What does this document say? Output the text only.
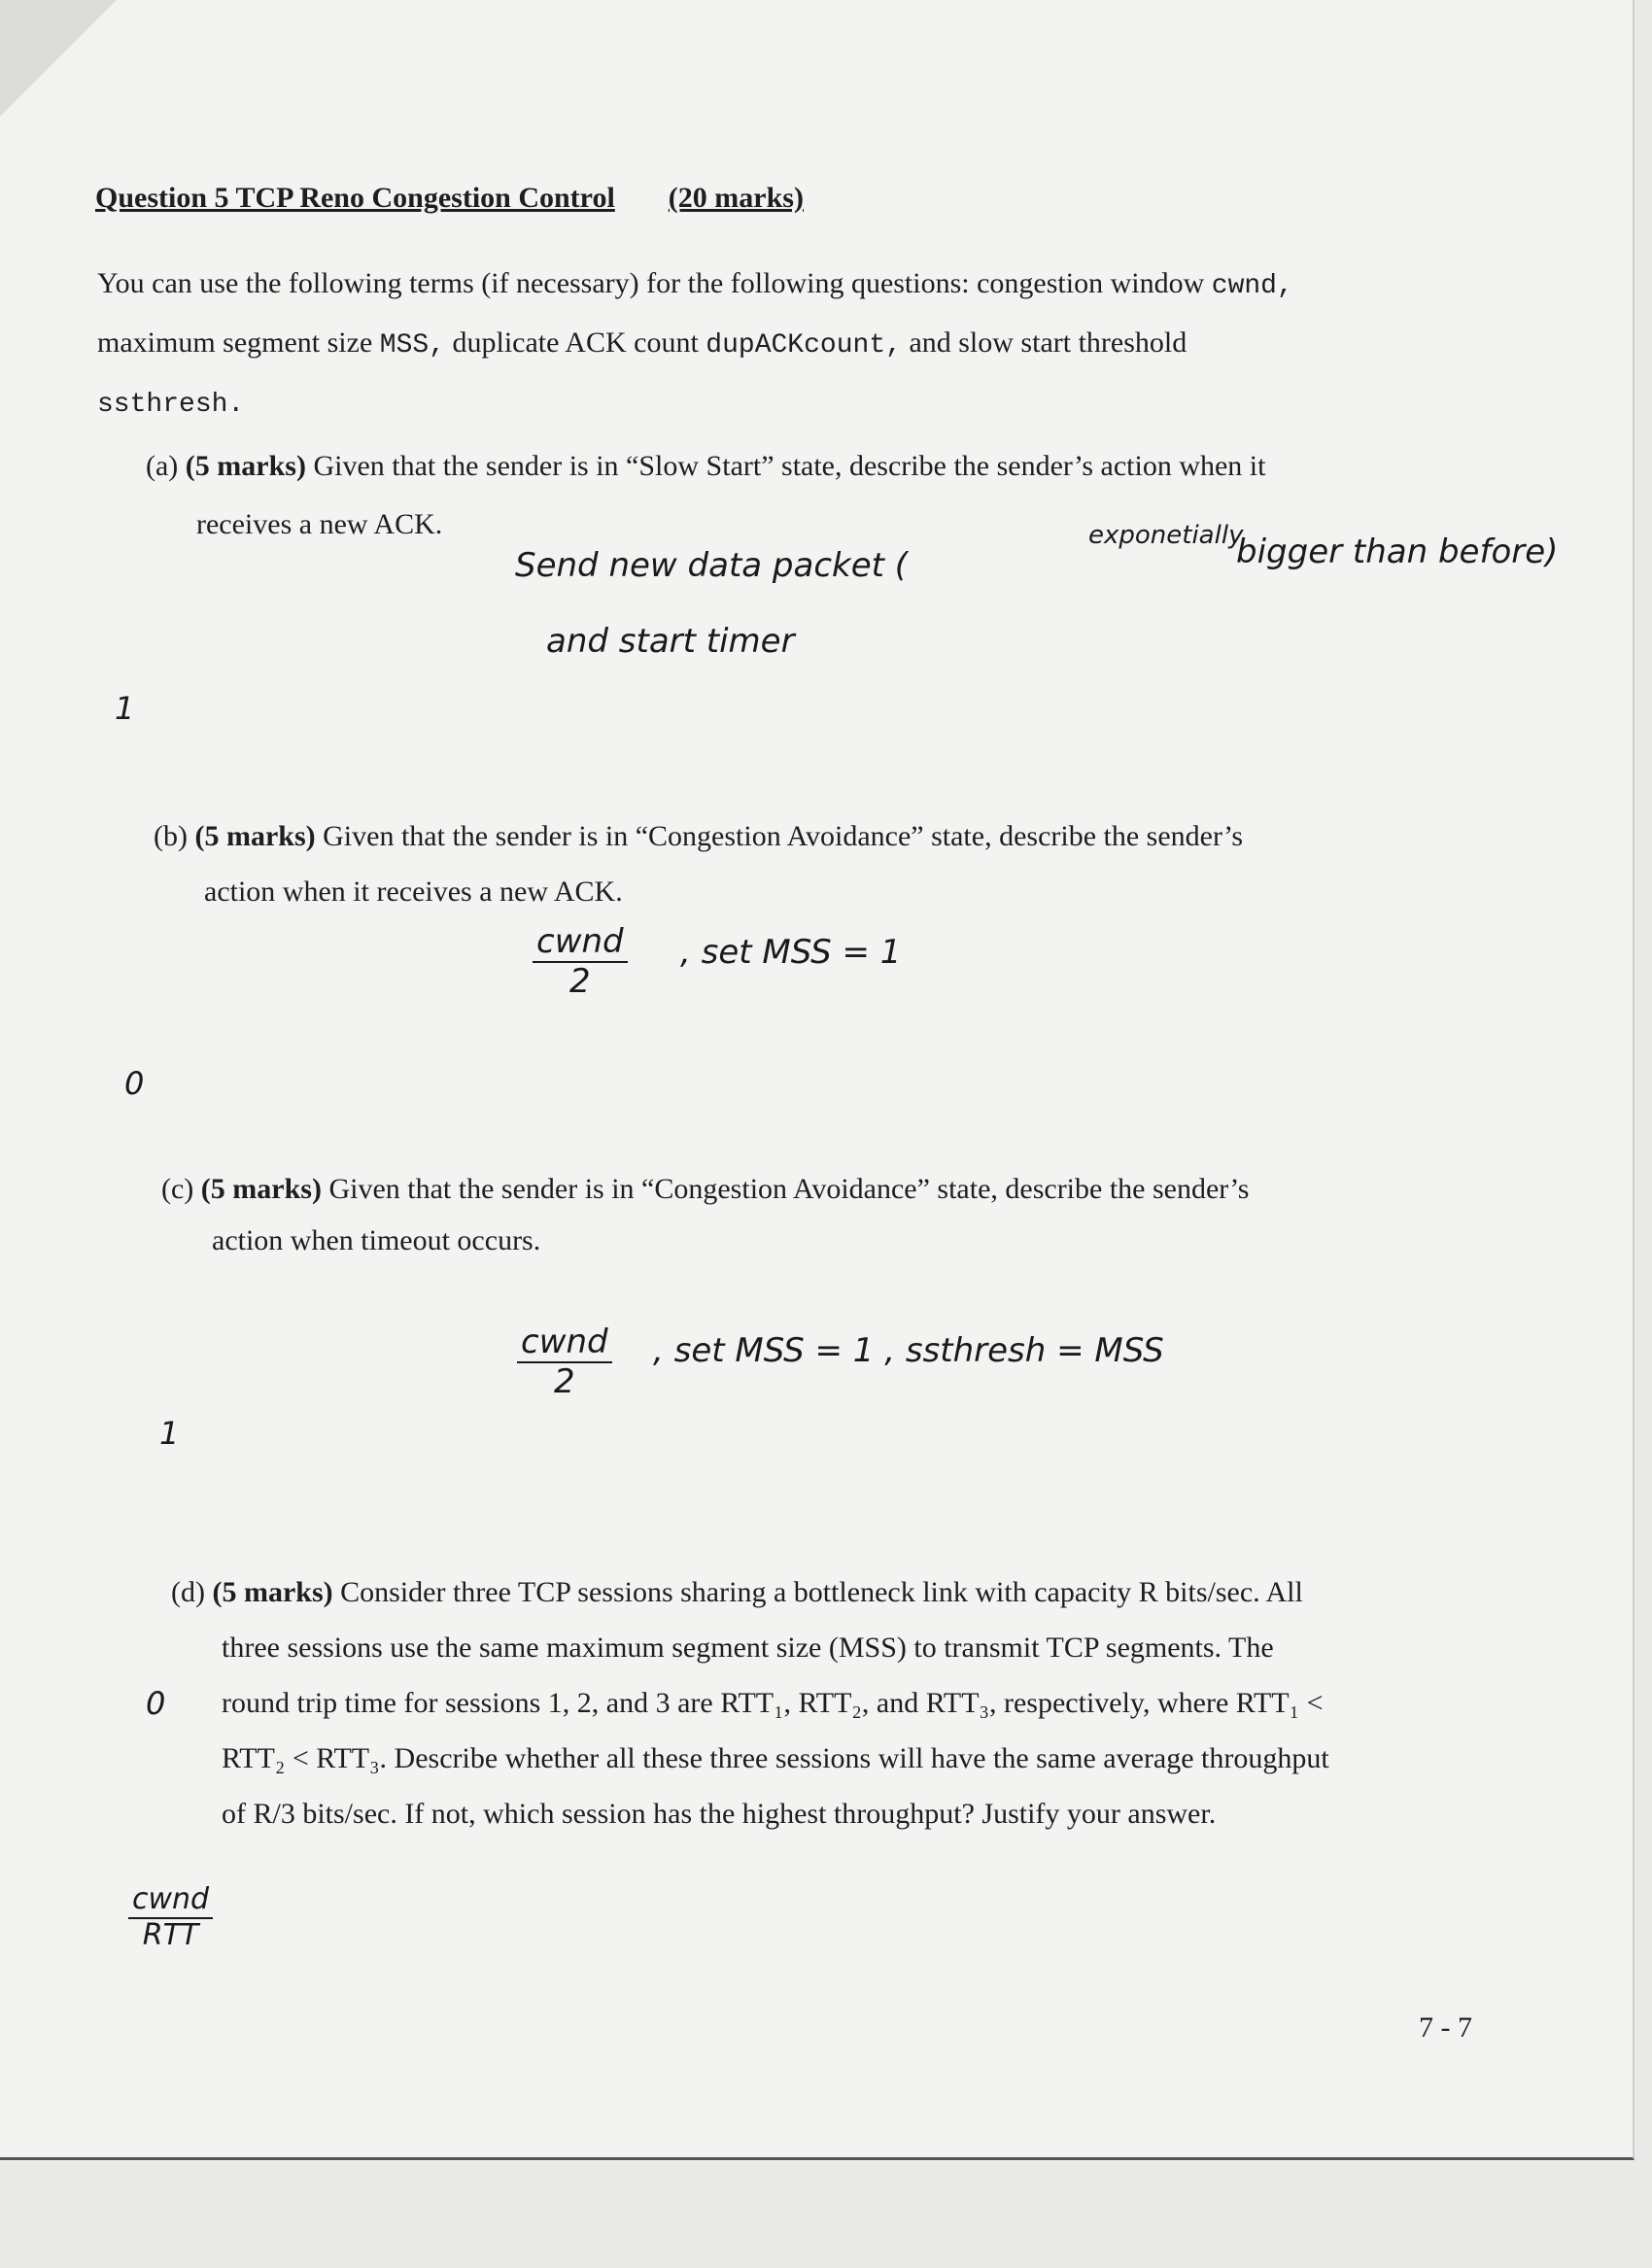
Question 5 TCP Reno Congestion Control (20 marks)
You can use the following terms (if necessary) for the following questions: congestion window cwnd,
maximum segment size MSS, duplicate ACK count dupACKcount, and slow start threshold
ssthresh.
(a) (5 marks) Given that the sender is in “Slow Start” state, describe the sender’s action when it
receives a new ACK.
Send new data packet (
exponetially
bigger than before)
and start timer
1
(b) (5 marks) Given that the sender is in “Congestion Avoidance” state, describe the sender’s
action when it receives a new ACK.
cwnd
2
, set MSS = 1
0
(c) (5 marks) Given that the sender is in “Congestion Avoidance” state, describe the sender’s
action when timeout occurs.
cwnd
2
, set MSS = 1 , ssthresh = MSS
1
(d) (5 marks) Consider three TCP sessions sharing a bottleneck link with capacity R bits/sec. All
three sessions use the same maximum segment size (MSS) to transmit TCP segments. The
round trip time for sessions 1, 2, and 3 are RTT₁, RTT₂, and RTT₃, respectively, where RTT₁ <
RTT₂ < RTT₃. Describe whether all these three sessions will have the same average throughput
of R/3 bits/sec. If not, which session has the highest throughput? Justify your answer.
0
cwnd
RTT
7 - 7
